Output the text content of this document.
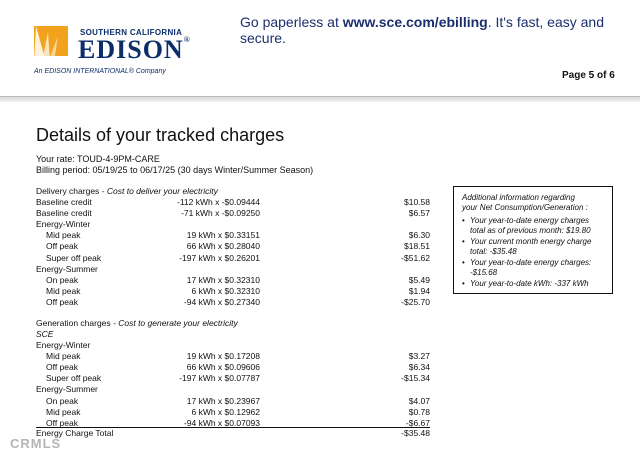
SOUTHERN CALIFORNIA
EDISON®
An EDISON INTERNATIONAL® Company
Go paperless at www.sce.com/ebilling. It's fast, easy and secure.
Page 5 of 6
Details of your tracked charges
Your rate: TOUD-4-9PM-CARE
Billing period: 05/19/25 to 06/17/25 (30 days Winter/Summer Season)
Delivery charges - Cost to deliver your electricity
Baseline credit	-112 kWh x -$0.09444	$10.58
Baseline credit	-71 kWh x -$0.09250	$6.57
Energy-Winter
Mid peak	19 kWh x $0.33151	$6.30
Off peak	66 kWh x $0.28040	$18.51
Super off peak	-197 kWh x $0.26201	-$51.62
Energy-Summer
On peak	17 kWh x $0.32310	$5.49
Mid peak	6 kWh x $0.32310	$1.94
Off peak	-94 kWh x $0.27340	-$25.70
Generation charges - Cost to generate your electricity
SCE
Energy-Winter
Mid peak	19 kWh x $0.17208	$3.27
Off peak	66 kWh x $0.09606	$6.34
Super off peak	-197 kWh x $0.07787	-$15.34
Energy-Summer
On peak	17 kWh x $0.23967	$4.07
Mid peak	6 kWh x $0.12962	$0.78
Off peak	-94 kWh x $0.07093	-$6.67
Energy Charge Total	-$35.48
Additional information regarding
your Net Consumption/Generation :
• Your year-to-date energy charges total as of previous month: $19.80
• Your current month energy charge total: -$35.48
• Your year-to-date energy charges: -$15.68
• Your year-to-date kWh: -337 kWh
CRMLS
